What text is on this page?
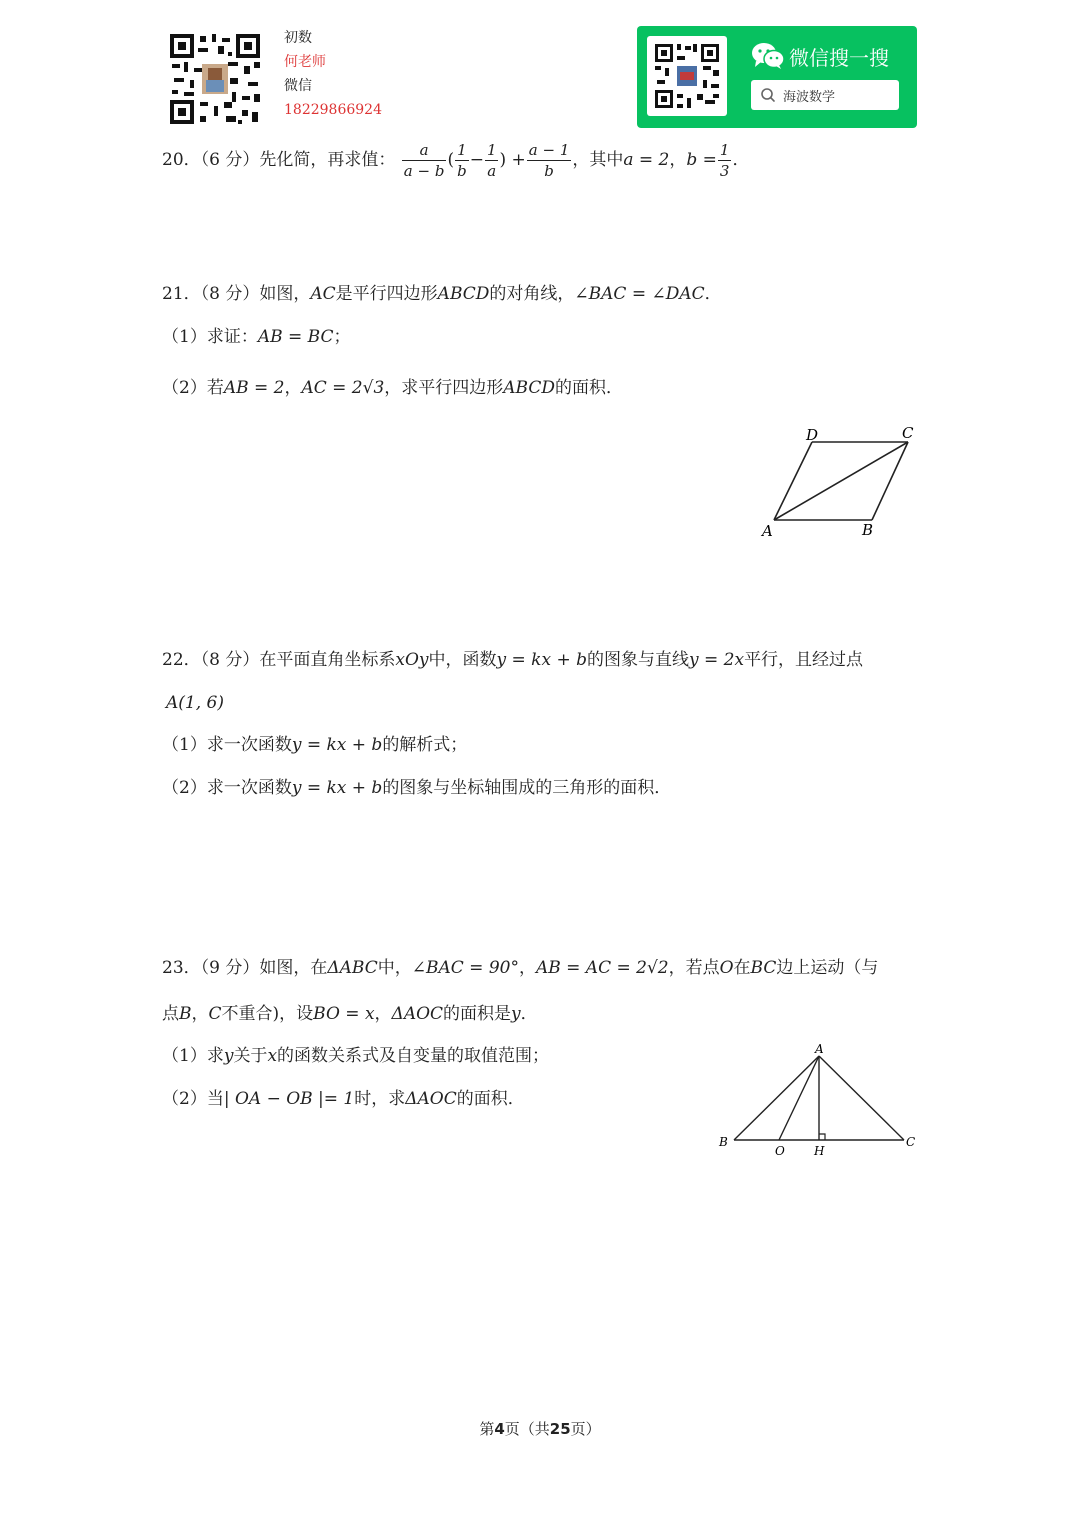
初数
何老师
微信
18229866924
微信搜一搜
海波数学
20．（6 分）先化简，再求值： $\frac{a}{a - b}$ ( $\frac{1}{b} - \frac{1}{a}$ ) + $\frac{a - 1}{b}$ ，其中a = 2，$b = \frac{1}{3}$ ．
21．（8 分）如图，AC是平行四边形ABCD的对角线，∠BAC = ∠DAC．
（1）求证：AB = BC；
（2）若AB = 2，AC = 2√3，求平行四边形ABCD的面积．
A	B
C
D
22．（8 分）在平面直角坐标系xOy中，函数y = kx + b的图象与直线y = 2x平行，且经过点
A(1, 6)
（1）求一次函数y = kx + b的解析式；
（2）求一次函数y = kx + b的图象与坐标轴围成的三角形的面积．
23．（9 分）如图，在ΔABC中，∠BAC = 90°，AB = AC = 2√2，若点O在BC边上运动（与
点B，C不重合)，设BO = x，ΔAOC的面积是y．
（1）求y关于x的函数关系式及自变量的取值范围；
（2）当| OA − OB |= 1时，求ΔAOC的面积．
A
B	C
O H
第4页（共25页）
